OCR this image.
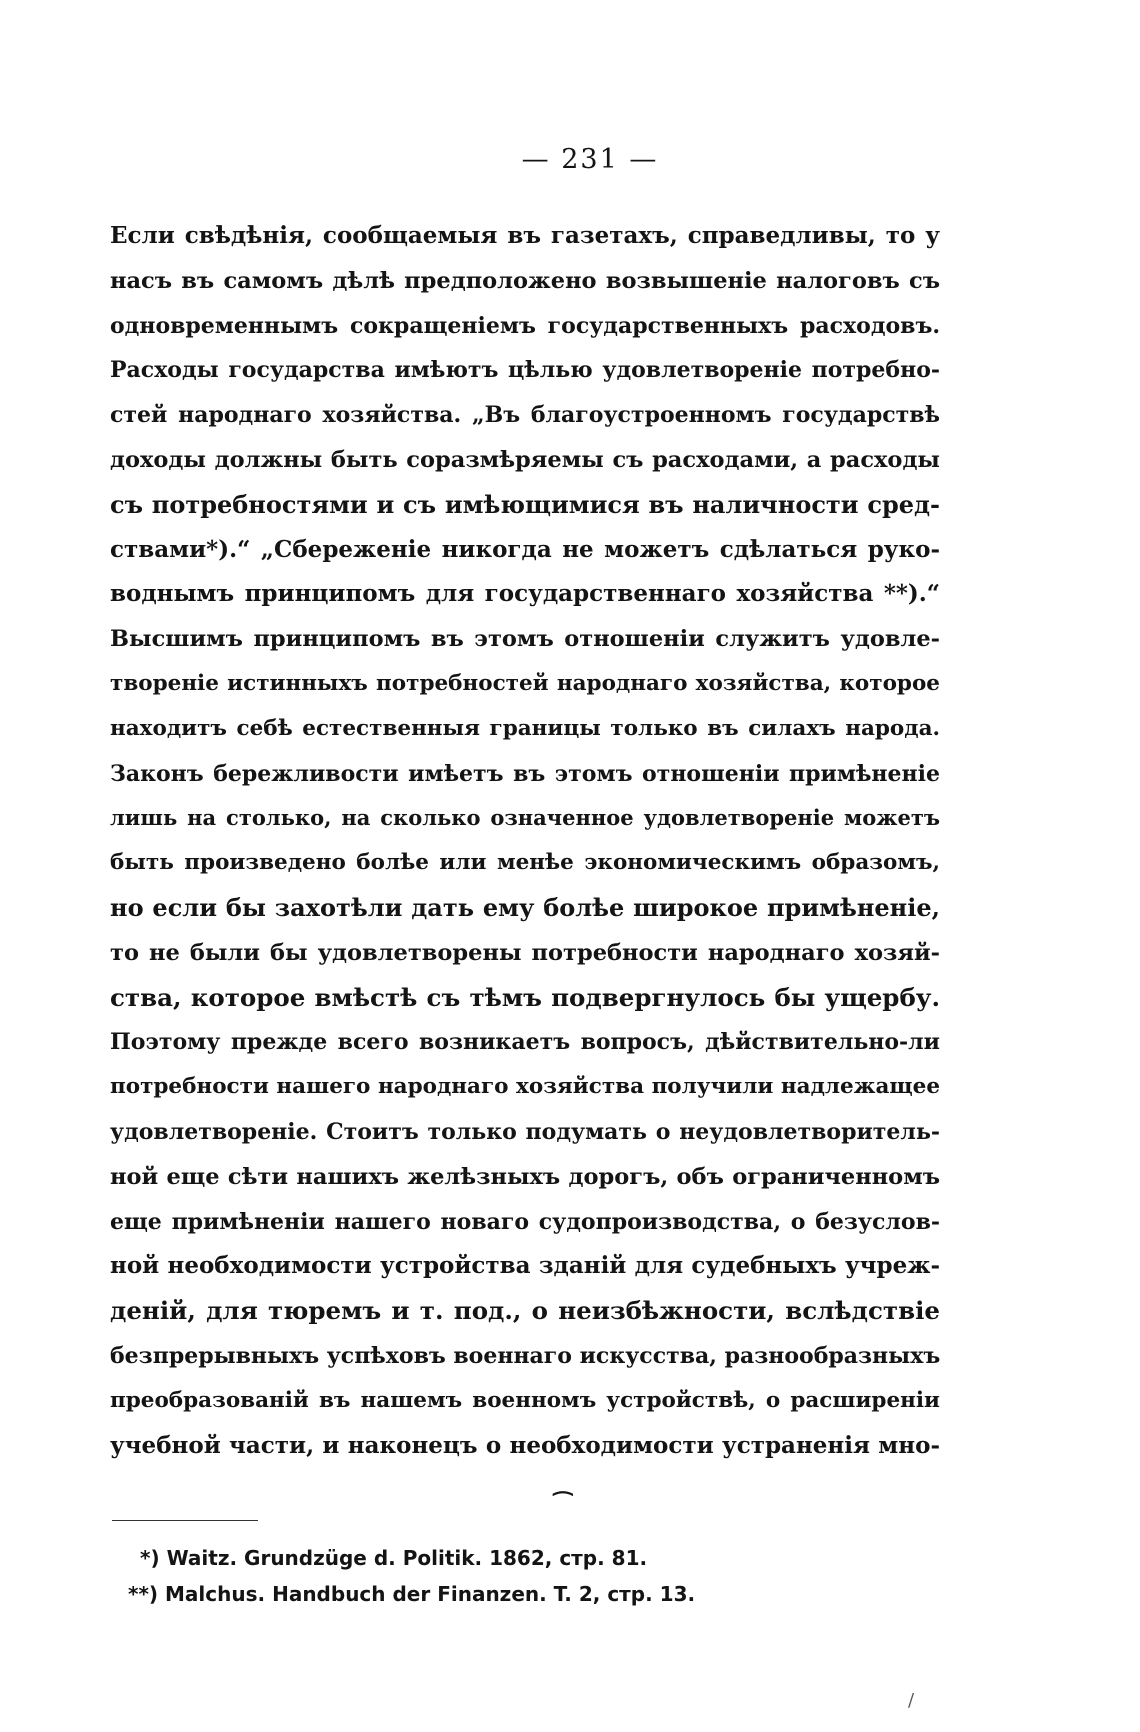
— 231 —
Если свѣдѣнія, сообщаемыя въ газетахъ, справедливы, то у
насъ въ самомъ дѣлѣ предположено возвышеніе налоговъ съ
одновременнымъ сокращеніемъ государственныхъ расходовъ.
Расходы государства имѣютъ цѣлью удовлетвореніе потребно-
стей народнаго хозяйства. „Въ благоустроенномъ государствѣ
доходы должны быть соразмѣряемы съ расходами, а расходы
съ потребностями и съ имѣющимися въ наличности сред-
ствами*).“ „Сбереженіе никогда не можетъ сдѣлаться руко-
воднымъ принципомъ для государственнаго хозяйства **).“
Высшимъ принципомъ въ этомъ отношеніи служитъ удовле-
твореніе истинныхъ потребностей народнаго хозяйства, которое
находитъ себѣ естественныя границы только въ силахъ народа.
Законъ бережливости имѣетъ въ этомъ отношеніи примѣненіе
лишь на столько, на сколько означенное удовлетвореніе можетъ
быть произведено болѣе или менѣе экономическимъ образомъ,
но если бы захотѣли дать ему болѣе широкое примѣненіе,
то не были бы удовлетворены потребности народнаго хозяй-
ства, которое вмѣстѣ съ тѣмъ подвергнулось бы ущербу.
Поэтому прежде всего возникаетъ вопросъ, дѣйствительно-ли
потребности нашего народнаго хозяйства получили надлежащее
удовлетвореніе. Стоитъ только подумать о неудовлетворитель-
ной еще сѣти нашихъ желѣзныхъ дорогъ, объ ограниченномъ
еще примѣненіи нашего новаго судопроизводства, о безуслов-
ной необходимости устройства зданій для судебныхъ учреж-
деній, для тюремъ и т. под., о неизбѣжности, вслѣдствіе
безпрерывныхъ успѣховъ военнаго искусства, разнообразныхъ
преобразованій въ нашемъ военномъ устройствѣ, о расширеніи
учебной части, и наконецъ о необходимости устраненія мно-
⁀
*) Waitz. Grundzüge d. Politik. 1862, стр. 81.
**) Malchus. Handbuch der Finanzen. T. 2, стр. 13.
/
